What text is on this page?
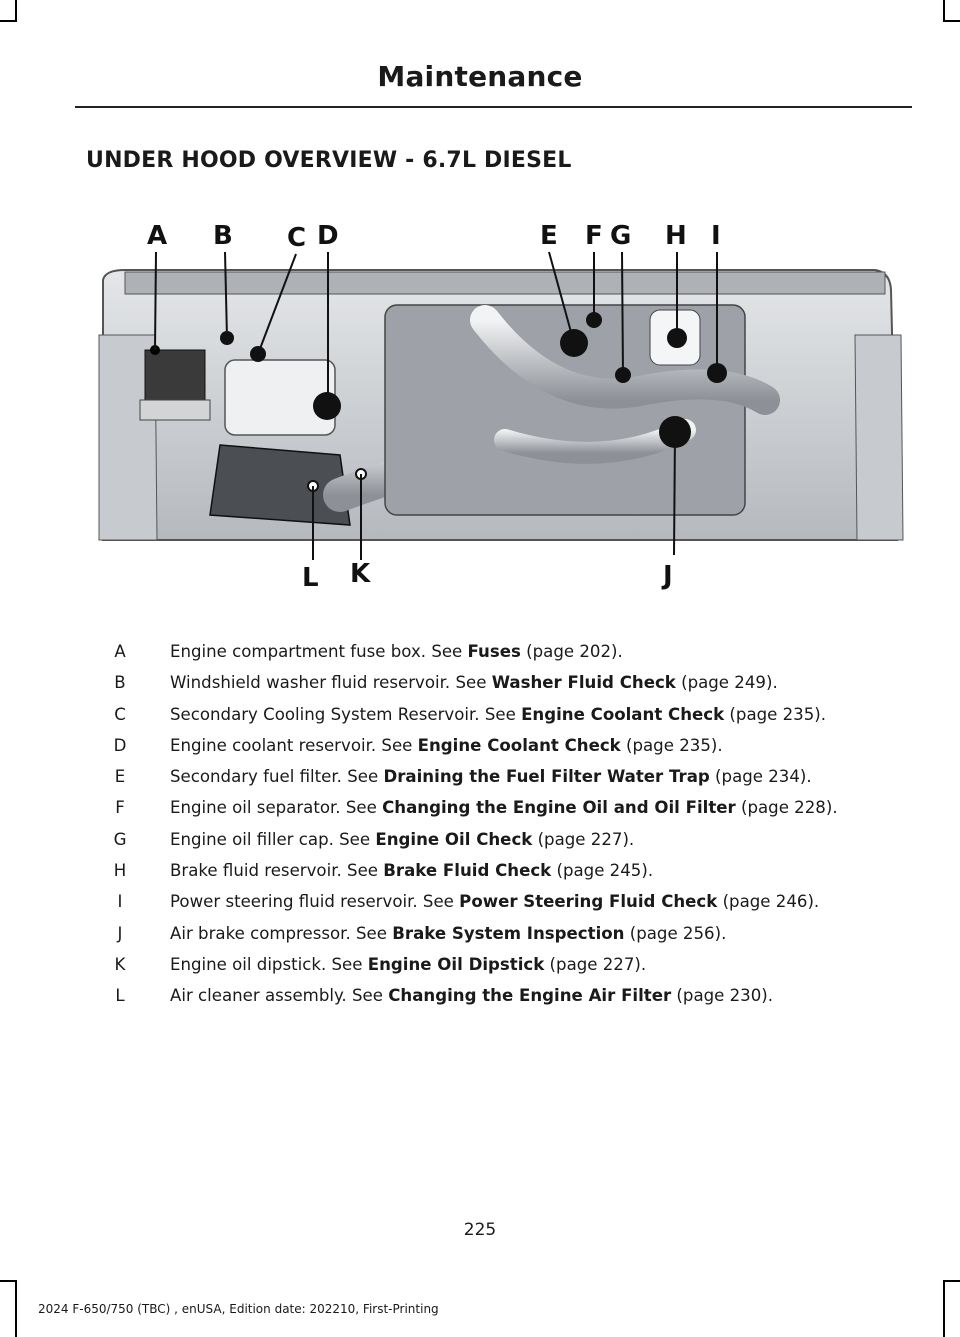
Maintenance
UNDER HOOD OVERVIEW - 6.7L DIESEL
A B C D	E F G H I
J
K
L
A	Engine compartment fuse box. See Fuses (page 202).
B	Windshield washer fluid reservoir. See Washer Fluid Check (page 249).
C	Secondary Cooling System Reservoir. See Engine Coolant Check (page 235).
D	Engine coolant reservoir. See Engine Coolant Check (page 235).
E	Secondary fuel filter. See Draining the Fuel Filter Water Trap (page 234).
F	Engine oil separator. See Changing the Engine Oil and Oil Filter (page 228).
G	Engine oil filler cap. See Engine Oil Check (page 227).
H	Brake fluid reservoir. See Brake Fluid Check (page 245).
I	Power steering fluid reservoir. See Power Steering Fluid Check (page 246).
J	Air brake compressor. See Brake System Inspection (page 256).
K	Engine oil dipstick. See Engine Oil Dipstick (page 227).
L	Air cleaner assembly. See Changing the Engine Air Filter (page 230).
225
2024 F-650/750 (TBC) , enUSA, Edition date: 202210, First-Printing
